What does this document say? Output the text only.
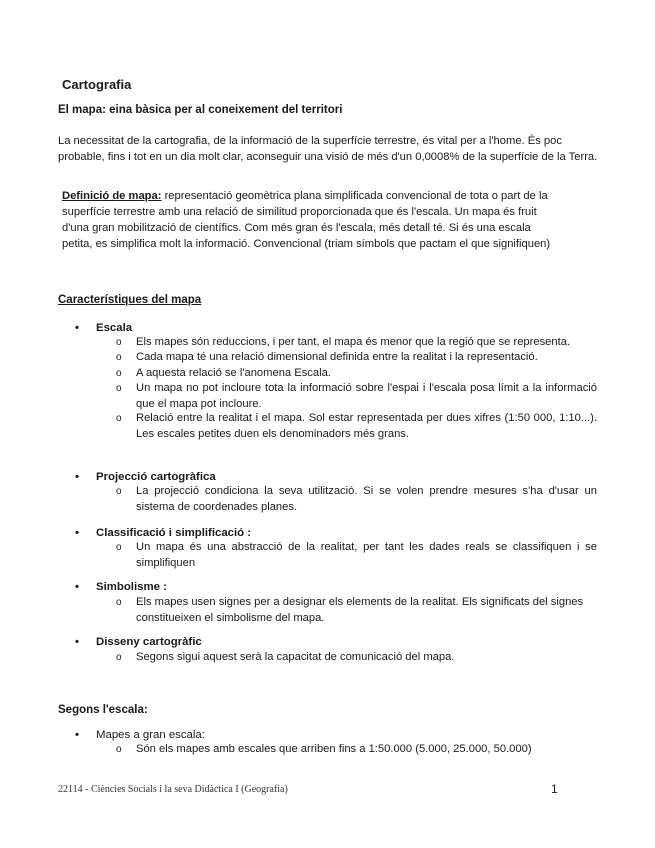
Cartografia
El mapa: eina bàsica per al coneixement del territori
La necessitat de la cartografia, de la informació de la superfície terrestre, és vital per a l'home. És poc probable, fins i tot en un dia molt clar, aconseguir una visió de més d'un 0,0008% de la superfície de la Terra.
Definició de mapa: representació geomètrica plana simplificada convencional de tota o part de la superfície terrestre amb una relació de similitud proporcionada que és l'escala. Un mapa és fruit d'una gran mobilització de científics. Com més gran és l'escala, més detall té. Si és una escala petita, es simplifica molt la informació. Convencional (triam símbols que pactam el que signifiquen)
Característiques del mapa
• Escala
o Els mapes són reduccions, i per tant, el mapa és menor que la regió que se representa.
o Cada mapa té una relació dimensional definida entre la realitat i la representació.
o A aquesta relació se l'anomena Escala.
o Un mapa no pot incloure tota la informació sobre l'espai i l'escala posa límit a la informació que el mapa pot incloure.
o Relació entre la realitat i el mapa. Sol estar representada per dues xifres (1:50 000, 1:10...). Les escales petites duen els denominadors més grans.
• Projecció cartogràfica
o La projecció condiciona la seva utilització. Si se volen prendre mesures s'ha d'usar un sistema de coordenades planes.
• Classificació i simplificació :
o Un mapa és una abstracció de la realitat, per tant les dades reals se classifiquen i se simplifiquen
• Simbolisme :
o Els mapes usen signes per a designar els elements de la realitat. Els significats del signes constitueixen el simbolisme del mapa.
• Disseny cartogràfic
o Segons sigui aquest serà la capacitat de comunicació del mapa.
Segons l'escala:
• Mapes a gran escala:
o Són els mapes amb escales que arriben fins a 1:50.000 (5.000, 25.000, 50.000)
22114 - Ciències Socials i la seva Didàctica I (Geografia)	1
